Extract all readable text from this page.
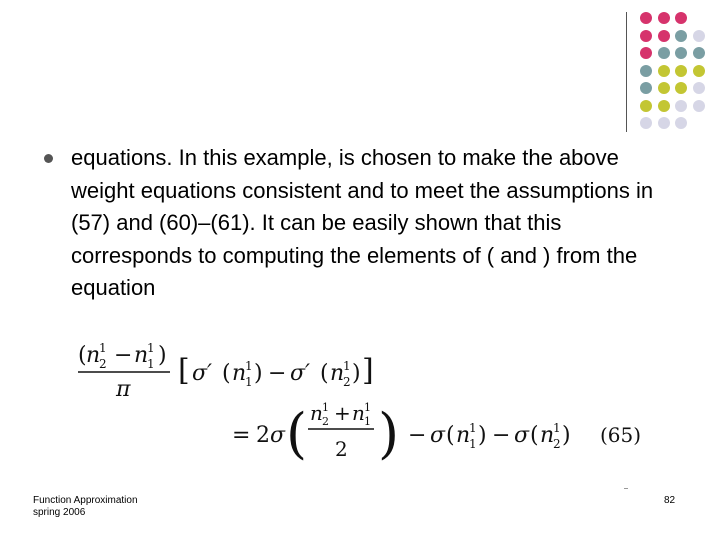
equations. In this example, is chosen to make the above weight equations consistent and to meet the assumptions in (57) and (60)–(61). It can be easily shown that this corresponds to computing the elements of ( and ) from the equation
( n
1
2 − n
1
1 )
π
[ σ′ ( n
1
1 ) − σ′ ( n
1
2 ) ]
= 2 σ ( n 1
2 + n 1
1
2 ) − σ ( n
1
1 ) − σ ( n
1
2 ) (65)
Function Approximation
spring 2006
82
